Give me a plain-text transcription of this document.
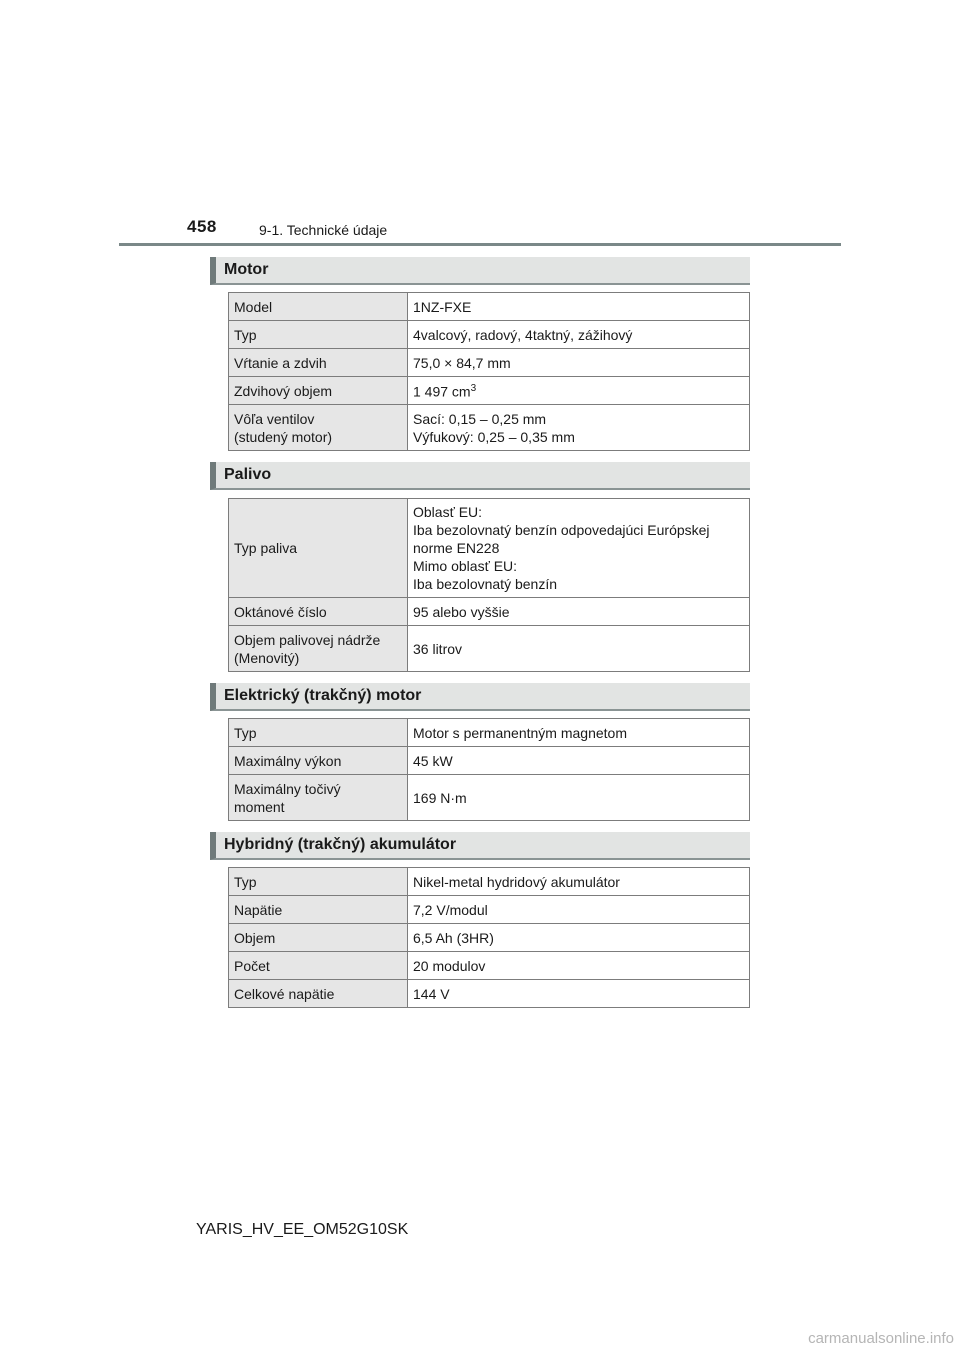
458	9-1. Technické údaje
Motor
Model	1NZ-FXE
Typ	4valcový, radový, 4taktný, zážihový
Vŕtanie a zdvih	75,0 × 84,7 mm
Zdvihový objem	1 497 $cm^3$
Vôľa ventilov
(studený motor)	Sací: 0,15 – 0,25 mm
Výfukový: 0,25 – 0,35 mm
Palivo
Typ paliva	Oblasť EU:
Iba bezolovnatý benzín odpovedajúci Európskej norme EN228
Mimo oblasť EU:
Iba bezolovnatý benzín
Oktánové číslo	95 alebo vyššie
Objem palivovej nádrže
(Menovitý)	36 litrov
Elektrický (trakčný) motor
Typ	Motor s permanentným magnetom
Maximálny výkon	45 kW
Maximálny točivý
moment	169 N·m
Hybridný (trakčný) akumulátor
Typ	Nikel-metal hydridový akumulátor
Napätie	7,2 V/modul
Objem	6,5 Ah (3HR)
Počet	20 modulov
Celkové napätie	144 V
YARIS_HV_EE_OM52G10SK
carmanualsonline.info
